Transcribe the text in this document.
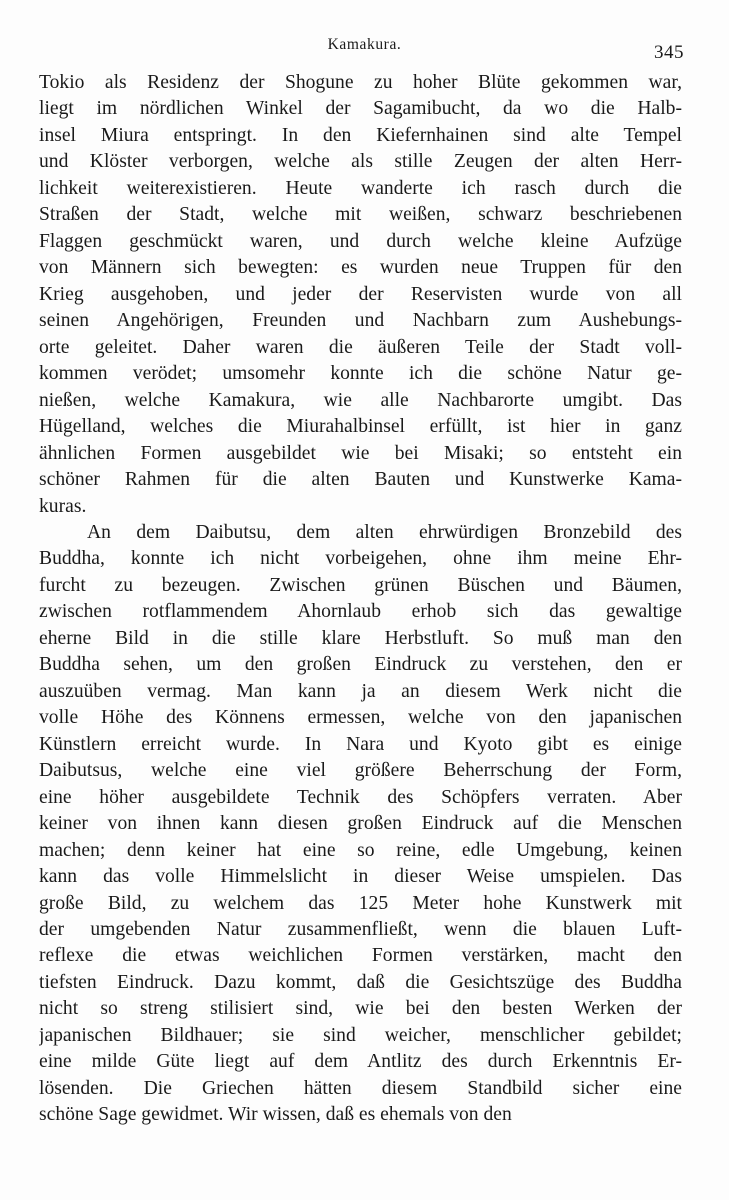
Kamakura.	345
Tokio als Residenz der Shogune zu hoher Blüte gekommen war,
liegt im nördlichen Winkel der Sagamibucht, da wo die Halb-
insel Miura entspringt. In den Kiefernhainen sind alte Tempel
und Klöster verborgen, welche als stille Zeugen der alten Herr-
lichkeit weiterexistieren. Heute wanderte ich rasch durch die
Straßen der Stadt, welche mit weißen, schwarz beschriebenen
Flaggen geschmückt waren, und durch welche kleine Aufzüge
von Männern sich bewegten: es wurden neue Truppen für den
Krieg ausgehoben, und jeder der Reservisten wurde von all
seinen Angehörigen, Freunden und Nachbarn zum Aushebungs-
orte geleitet. Daher waren die äußeren Teile der Stadt voll-
kommen verödet; umsomehr konnte ich die schöne Natur ge-
nießen, welche Kamakura, wie alle Nachbarorte umgibt. Das
Hügelland, welches die Miurahalbinsel erfüllt, ist hier in ganz
ähnlichen Formen ausgebildet wie bei Misaki; so entsteht ein
schöner Rahmen für die alten Bauten und Kunstwerke Kama-
kuras.
An dem Daibutsu, dem alten ehrwürdigen Bronzebild des
Buddha, konnte ich nicht vorbeigehen, ohne ihm meine Ehr-
furcht zu bezeugen. Zwischen grünen Büschen und Bäumen,
zwischen rotflammendem Ahornlaub erhob sich das gewaltige
eherne Bild in die stille klare Herbstluft. So muß man den
Buddha sehen, um den großen Eindruck zu verstehen, den er
auszuüben vermag. Man kann ja an diesem Werk nicht die
volle Höhe des Könnens ermessen, welche von den japanischen
Künstlern erreicht wurde. In Nara und Kyoto gibt es einige
Daibutsus, welche eine viel größere Beherrschung der Form,
eine höher ausgebildete Technik des Schöpfers verraten. Aber
keiner von ihnen kann diesen großen Eindruck auf die Menschen
machen; denn keiner hat eine so reine, edle Umgebung, keinen
kann das volle Himmelslicht in dieser Weise umspielen. Das
große Bild, zu welchem das 125 Meter hohe Kunstwerk mit
der umgebenden Natur zusammenfließt, wenn die blauen Luft-
reflexe die etwas weichlichen Formen verstärken, macht den
tiefsten Eindruck. Dazu kommt, daß die Gesichtszüge des Buddha
nicht so streng stilisiert sind, wie bei den besten Werken der
japanischen Bildhauer; sie sind weicher, menschlicher gebildet;
eine milde Güte liegt auf dem Antlitz des durch Erkenntnis Er-
lösenden. Die Griechen hätten diesem Standbild sicher eine
schöne Sage gewidmet. Wir wissen, daß es ehemals von den
